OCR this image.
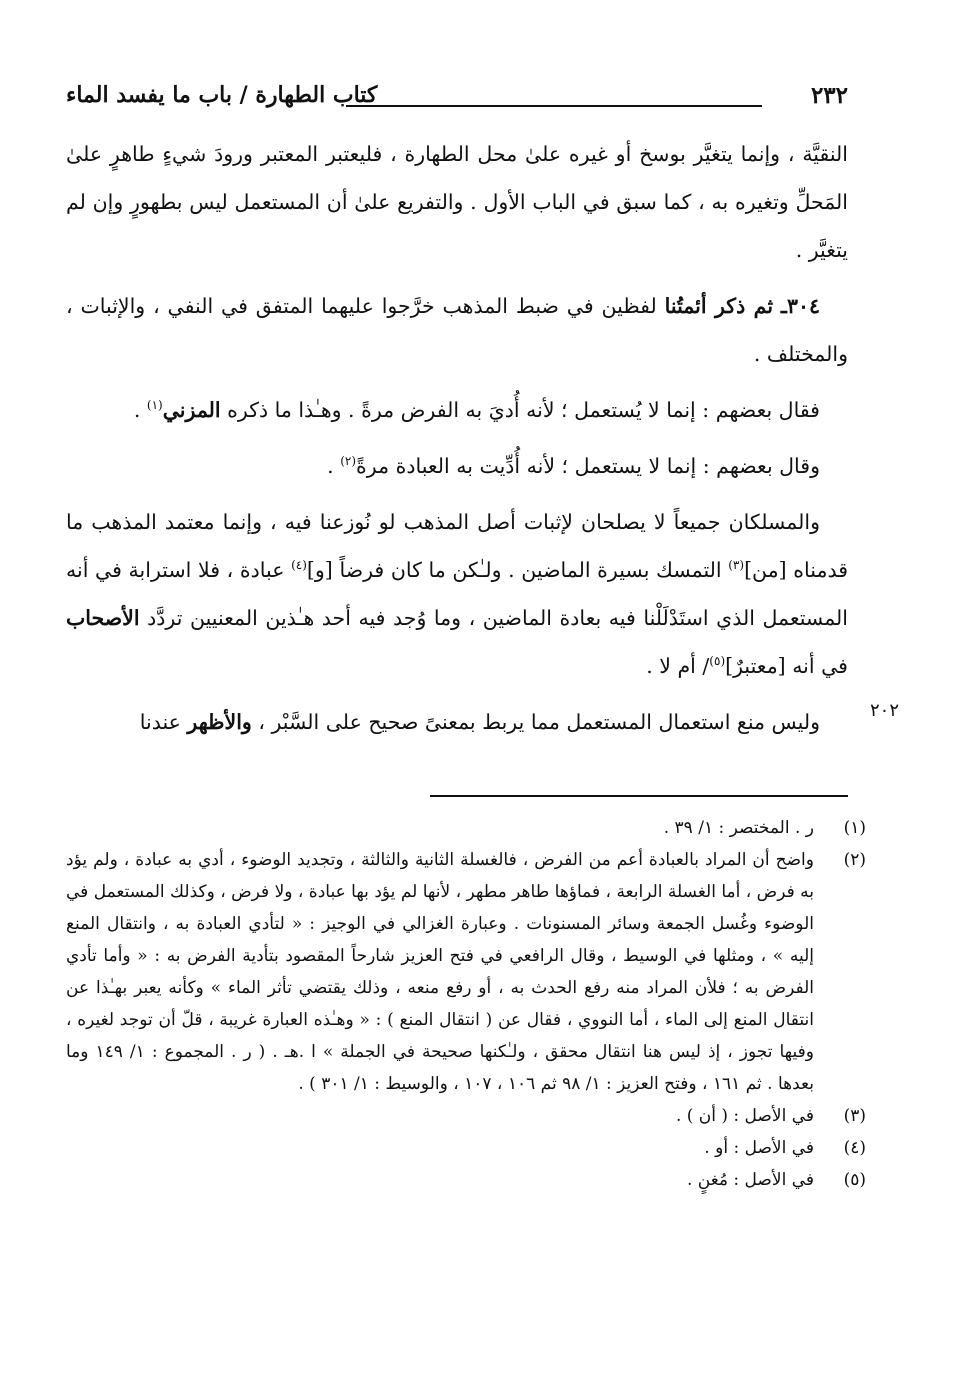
٢٣٢
كتاب الطهارة / باب ما يفسد الماء

النقيَّة ، وإنما يتغيَّر بوسخ أو غيره علىٰ محل الطهارة ، فليعتبر المعتبر ورودَ شيءٍ طاهرٍ علىٰ المَحلِّ وتغيره به ، كما سبق في الباب الأول . والتفريع علىٰ أن المستعمل ليس بطهورٍ وإن لم يتغيَّر .

٣٠٤ـ ثم ذكر أئمتُنا لفظين في ضبط المذهب خرَّجوا عليهما المتفق في النفي ، والإثبات ، والمختلف .

فقال بعضهم : إنما لا يُستعمل ؛ لأنه أُديَ به الفرض مرةً . وهـٰذا ما ذكره المزني$^{(١)}$ .

وقال بعضهم : إنما لا يستعمل ؛ لأنه أُدِّيت به العبادة مرةً$^{(٢)}$ .

والمسلكان جميعاً لا يصلحان لإثبات أصل المذهب لو نُوزعنا فيه ، وإنما معتمد المذهب ما قدمناه [من]$^{(٣)}$ التمسك بسيرة الماضين . ولـٰكن ما كان فرضاً [و]$^{(٤)}$ عبادة ، فلا استرابة في أنه المستعمل الذي استَدْلَلْنا فيه بعادة الماضين ، وما وُجد فيه أحد هـٰذين المعنيين تردَّد الأصحاب في أنه [معتبرٌ]$^{(٥)}$/ أم لا .

وليس منع استعمال المستعمل مما يربط بمعنىً صحيح على السَّبْر ، والأظهر عندنا	٢٠٢
(١)
ر . المختصر : ١/ ٣٩ .
(٢)
واضح أن المراد بالعبادة أعم من الفرض ، فالغسلة الثانية والثالثة ، وتجديد الوضوء ، أدي به عبادة ، ولم يؤد به فرض ، أما الغسلة الرابعة ، فماؤها طاهر مطهر ، لأنها لم يؤد بها عبادة ، ولا فرض ، وكذلك المستعمل في الوضوء وغُسل الجمعة وسائر المسنونات . وعبارة الغزالي في الوجيز : « لتأدي العبادة به ، وانتقال المنع إليه » ، ومثلها في الوسيط ، وقال الرافعي في فتح العزيز شارحاً المقصود بتأدية الفرض به : « وأما تأدي الفرض به ؛ فلأن المراد منه رفع الحدث به ، أو رفع منعه ، وذلك يقتضي تأثر الماء » وكأنه يعبر بهـٰذا عن انتقال المنع إلى الماء ، أما النووي ، فقال عن ( انتقال المنع ) : « وهـٰذه العبارة غريبة ، قلّ أن توجد لغيره ، وفيها تجوز ، إذ ليس هنا انتقال محقق ، ولـٰكنها صحيحة في الجملة » ا .هـ . ( ر . المجموع : ١/ ١٤٩ وما بعدها . ثم ١٦١ ، وفتح العزيز : ١/ ٩٨ ثم ١٠٦ ، ١٠٧ ، والوسيط : ١/ ٣٠١ ) .
(٣)
في الأصل : ( أن ) .
(٤)
في الأصل : أو .
(٥)
في الأصل : مُغنٍ .
